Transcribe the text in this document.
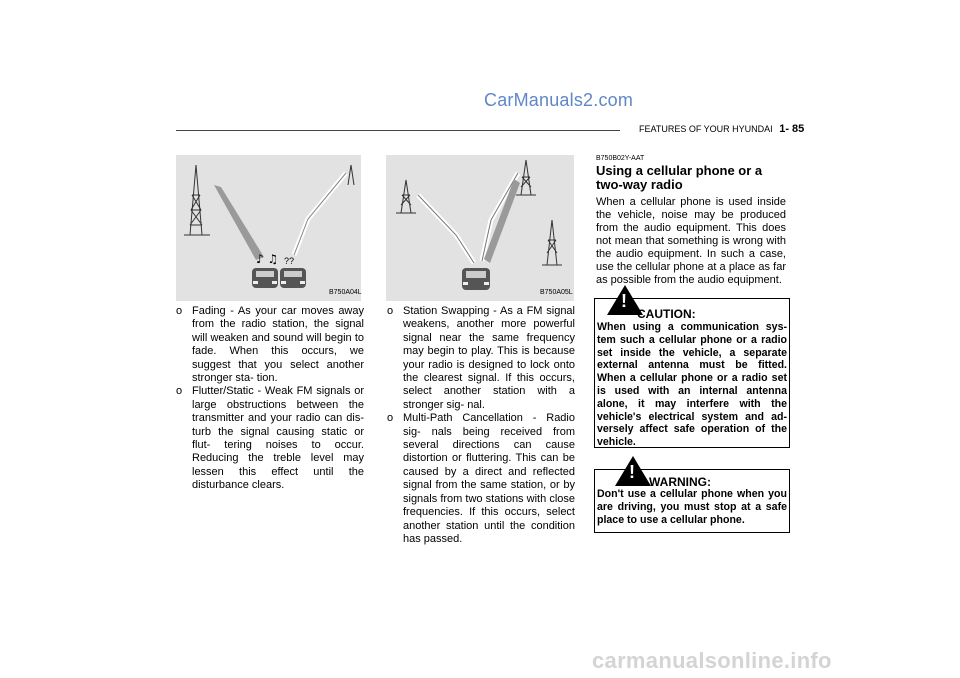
CarManuals2.com
FEATURES OF YOUR HYUNDAI 1- 85
♪ ♫ ??
B750A04L	B750A05L

o Fading - As your car moves away from the radio station, the signal will weaken and sound will begin to fade. When this occurs, we suggest that you select another stronger sta- tion.

o Flutter/Static - Weak FM signals or large obstructions between the transmitter and your radio can dis- turb the signal causing static or flut- tering noises to occur. Reducing the treble level may lessen this effect until the disturbance clears.

o Station Swapping - As a FM signal weakens, another more powerful signal near the same frequency may begin to play. This is because your radio is designed to lock onto the clearest signal. If this occurs, select another station with a stronger sig- nal.

o Multi-Path Cancellation - Radio sig- nals being received from several directions can cause distortion or fluttering. This can be caused by a direct and reflected signal from the same station, or by signals from two stations with close frequencies. If this occurs, select another station until the condition has passed.

B750B02Y-AAT

Using a cellular phone or a two-way radio

When a cellular phone is used inside the vehicle, noise may be produced from the audio equipment. This does not mean that something is wrong with the audio equipment. In such a case, use the cellular phone at a place as far as possible from the audio equipment.

!
CAUTION:
When using a communication sys- tem such a cellular phone or a radio set inside the vehicle, a separate external antenna must be fitted. When a cellular phone or a radio set is used with an internal antenna alone, it may interfere with the vehicle's electrical system and ad- versely affect safe operation of the vehicle.
! WARNING:
Don't use a cellular phone when you are driving, you must stop at a safe place to use a cellular phone.
carmanualsonline.info
